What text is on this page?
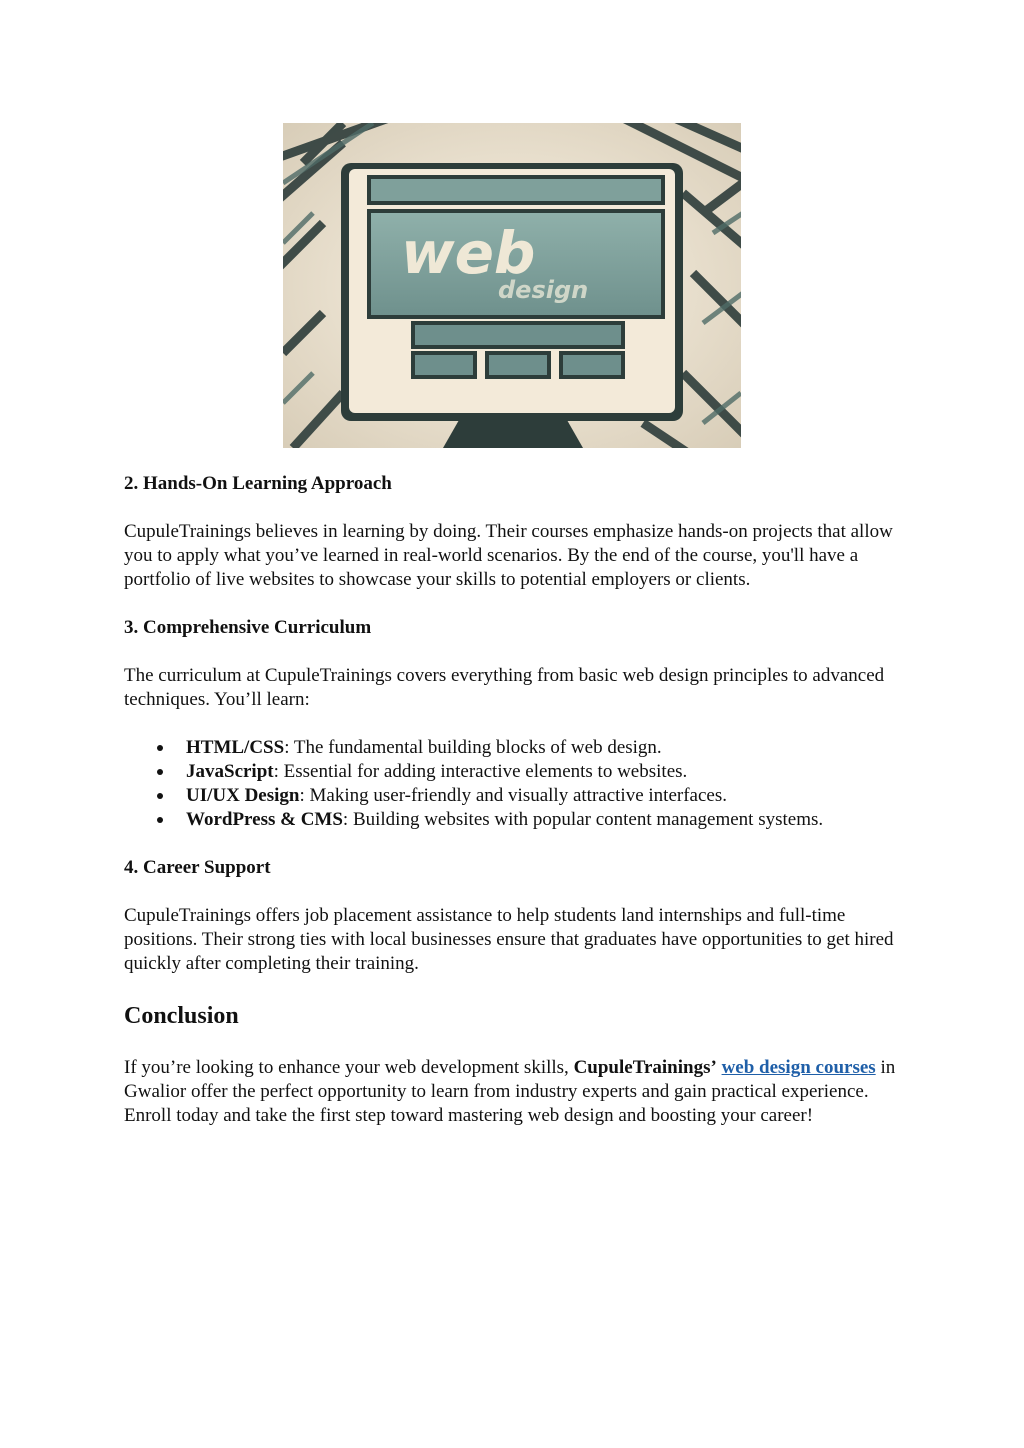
web
design
2. Hands-On Learning Approach

CupuleTrainings believes in learning by doing. Their courses emphasize hands-on projects that allow you to apply what you’ve learned in real-world scenarios. By the end of the course, you'll have a portfolio of live websites to showcase your skills to potential employers or clients.

3. Comprehensive Curriculum

The curriculum at CupuleTrainings covers everything from basic web design principles to advanced techniques. You’ll learn:

HTML/CSS: The fundamental building blocks of web design.
JavaScript: Essential for adding interactive elements to websites.
UI/UX Design: Making user-friendly and visually attractive interfaces.
WordPress & CMS: Building websites with popular content management systems.
4. Career Support

CupuleTrainings offers job placement assistance to help students land internships and full-time positions. Their strong ties with local businesses ensure that graduates have opportunities to get hired quickly after completing their training.

Conclusion

If you’re looking to enhance your web development skills, CupuleTrainings’ web design courses in Gwalior offer the perfect opportunity to learn from industry experts and gain practical experience. Enroll today and take the first step toward mastering web design and boosting your career!
